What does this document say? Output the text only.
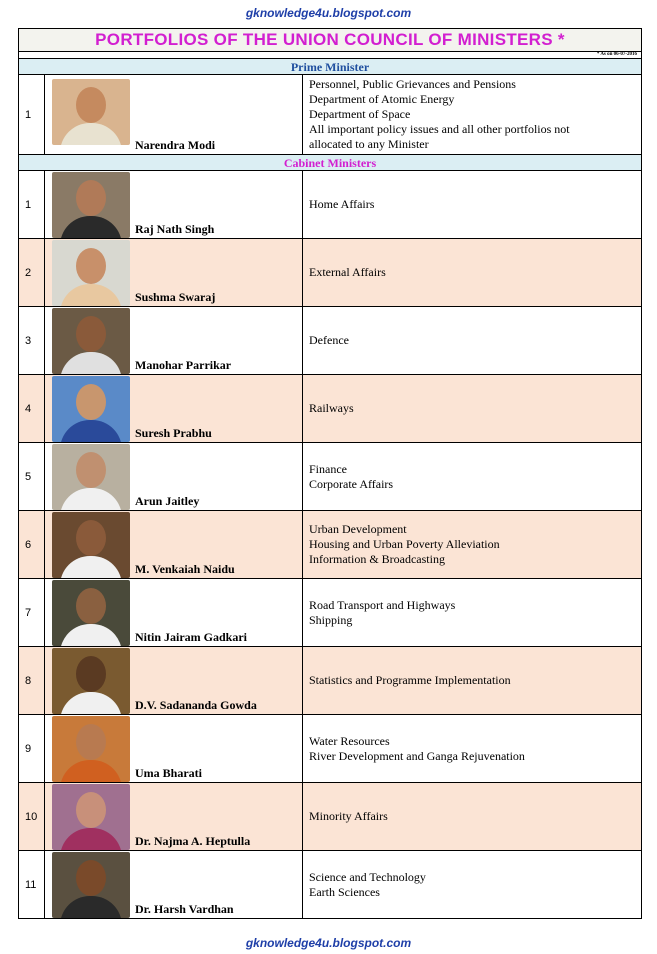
gknowledge4u.blogspot.com
PORTFOLIOS OF THE UNION COUNCIL OF MINISTERS *		
* As on 06-07-2016		
Prime Minister		
1	Narendra Modi	Personnel, Public Grievances and Pensions
Department of Atomic Energy
Department of Space
All important policy issues and all other portfolios not
allocated to any Minister

Cabinet Ministers		
1	Raj Nath Singh	Home Affairs

2	Sushma Swaraj	External Affairs

3	Manohar Parrikar	Defence

4	Suresh Prabhu	Railways

5	Arun Jaitley	Finance
Corporate Affairs

6	M. Venkaiah Naidu	Urban Development
Housing and Urban Poverty Alleviation
Information & Broadcasting

7	Nitin Jairam Gadkari	Road Transport and Highways
Shipping

8	D.V. Sadananda Gowda	Statistics and Programme Implementation

9	Uma Bharati	Water Resources
River Development and Ganga Rejuvenation

10	Dr. Najma A. Heptulla	Minority Affairs

11	Dr. Harsh Vardhan	Science and Technology
Earth Sciences
gknowledge4u.blogspot.com
